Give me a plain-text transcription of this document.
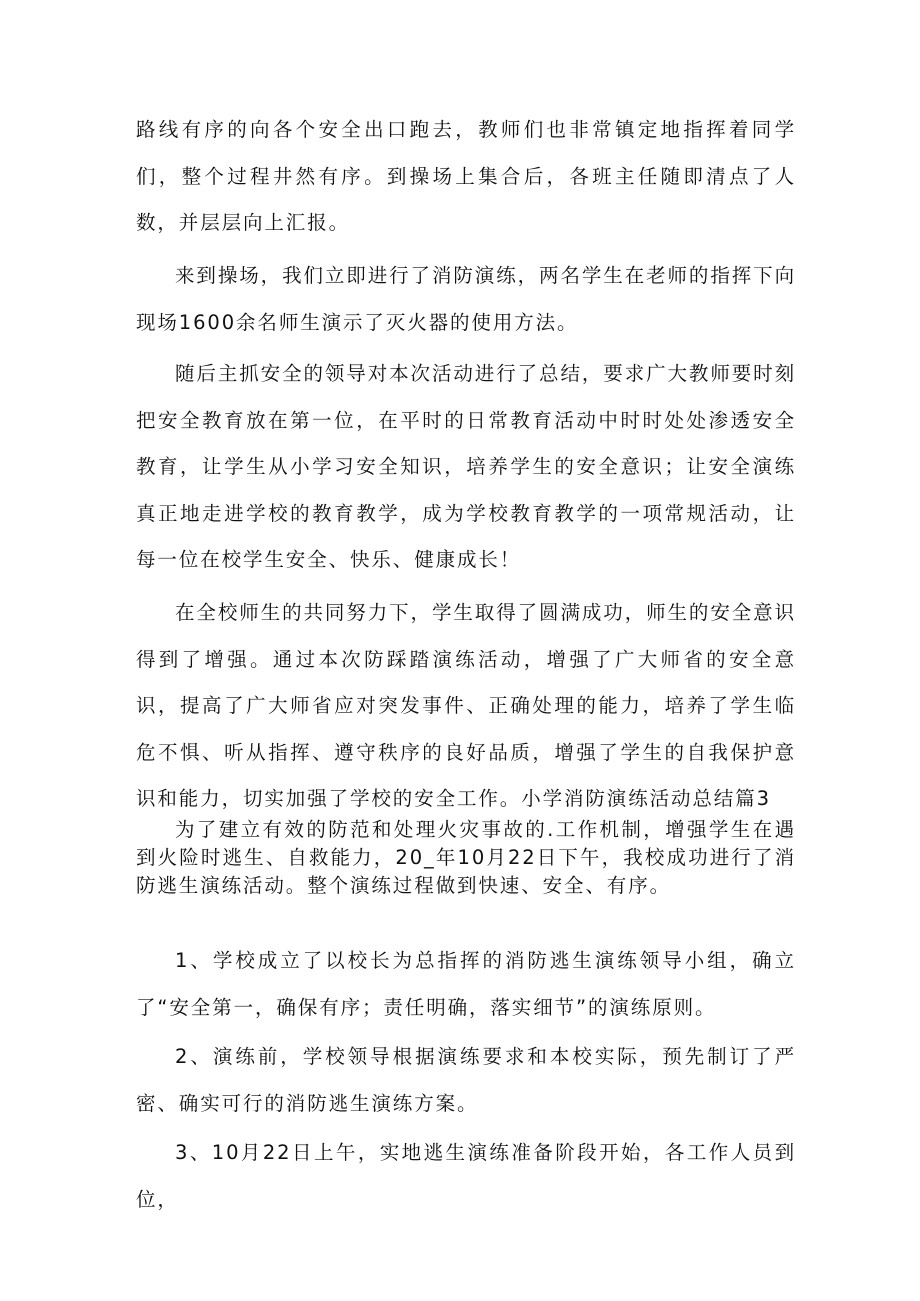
路线有序的向各个安全出口跑去，教师们也非常镇定地指挥着同学们，整个过程井然有序。到操场上集合后，各班主任随即清点了人数，并层层向上汇报。

来到操场，我们立即进行了消防演练，两名学生在老师的指挥下向现场1600余名师生演示了灭火器的使用方法。

随后主抓安全的领导对本次活动进行了总结，要求广大教师要时刻把安全教育放在第一位，在平时的日常教育活动中时时处处渗透安全教育，让学生从小学习安全知识，培养学生的安全意识；让安全演练真正地走进学校的教育教学，成为学校教育教学的一项常规活动，让每一位在校学生安全、快乐、健康成长！

在全校师生的共同努力下，学生取得了圆满成功，师生的安全意识得到了增强。通过本次防踩踏演练活动，增强了广大师省的安全意识，提高了广大师省应对突发事件、正确处理的能力，培养了学生临危不惧、听从指挥、遵守秩序的良好品质，增强了学生的自我保护意识和能力，切实加强了学校的安全工作。小学消防演练活动总结篇3

为了建立有效的防范和处理火灾事故的.工作机制，增强学生在遇到火险时逃生、自救能力，20_年10月22日下午，我校成功进行了消防逃生演练活动。整个演练过程做到快速、安全、有序。

1、学校成立了以校长为总指挥的消防逃生演练领导小组，确立了“安全第一，确保有序；责任明确，落实细节”的演练原则。

2、演练前，学校领导根据演练要求和本校实际，预先制订了严密、确实可行的消防逃生演练方案。

3、10月22日上午，实地逃生演练准备阶段开始，各工作人员到位，
